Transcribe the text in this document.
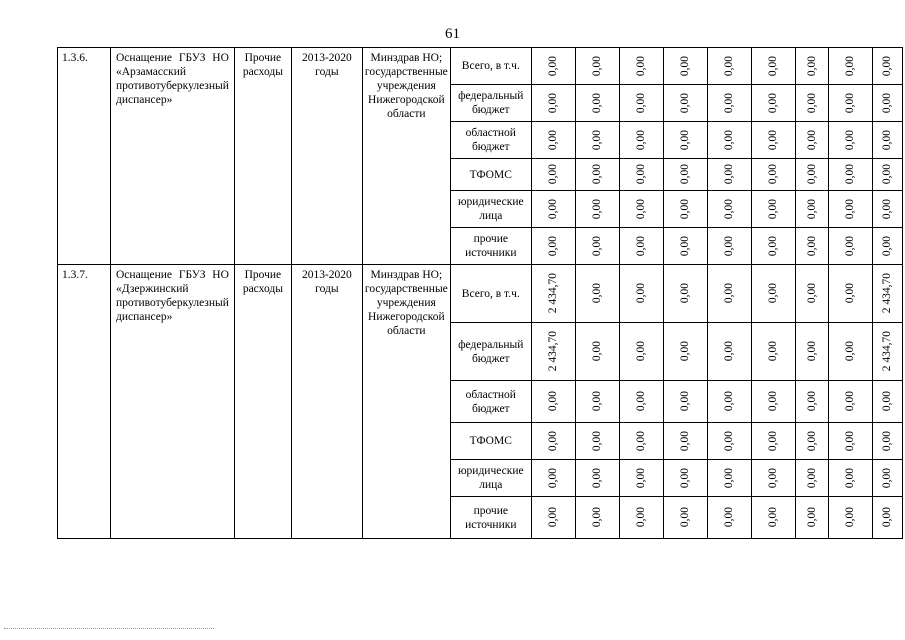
61
1.3.6.	Оснащение ГБУЗ НО «Арзамасский противотуберкулезный диспансер»	Прочие расходы	2013-2020 годы	Минздрав НО; государственные учреждения Нижегородской области	Всего, в т.ч.	0,00	0,00	0,00	0,00	0,00	0,00	0,00	0,00	0,00

					федеральный бюджет	0,00	0,00	0,00	0,00	0,00	0,00	0,00	0,00	0,00

					областной бюджет	0,00	0,00	0,00	0,00	0,00	0,00	0,00	0,00	0,00

					ТФОМС	0,00	0,00	0,00	0,00	0,00	0,00	0,00	0,00	0,00

					юридические лица	0,00	0,00	0,00	0,00	0,00	0,00	0,00	0,00	0,00

					прочие источники	0,00	0,00	0,00	0,00	0,00	0,00	0,00	0,00	0,00

1.3.7.	Оснащение ГБУЗ НО «Дзержинский противотуберкулезный диспансер»	Прочие расходы	2013-2020 годы	Минздрав НО; государственные учреждения Нижегородской области	Всего, в т.ч.	2 434,70	0,00	0,00	0,00	0,00	0,00	0,00	0,00	2 434,70

					федеральный бюджет	2 434,70	0,00	0,00	0,00	0,00	0,00	0,00	0,00	2 434,70

					областной бюджет	0,00	0,00	0,00	0,00	0,00	0,00	0,00	0,00	0,00

					ТФОМС	0,00	0,00	0,00	0,00	0,00	0,00	0,00	0,00	0,00

					юридические лица	0,00	0,00	0,00	0,00	0,00	0,00	0,00	0,00	0,00

					прочие источники	0,00	0,00	0,00	0,00	0,00	0,00	0,00	0,00	0,00
